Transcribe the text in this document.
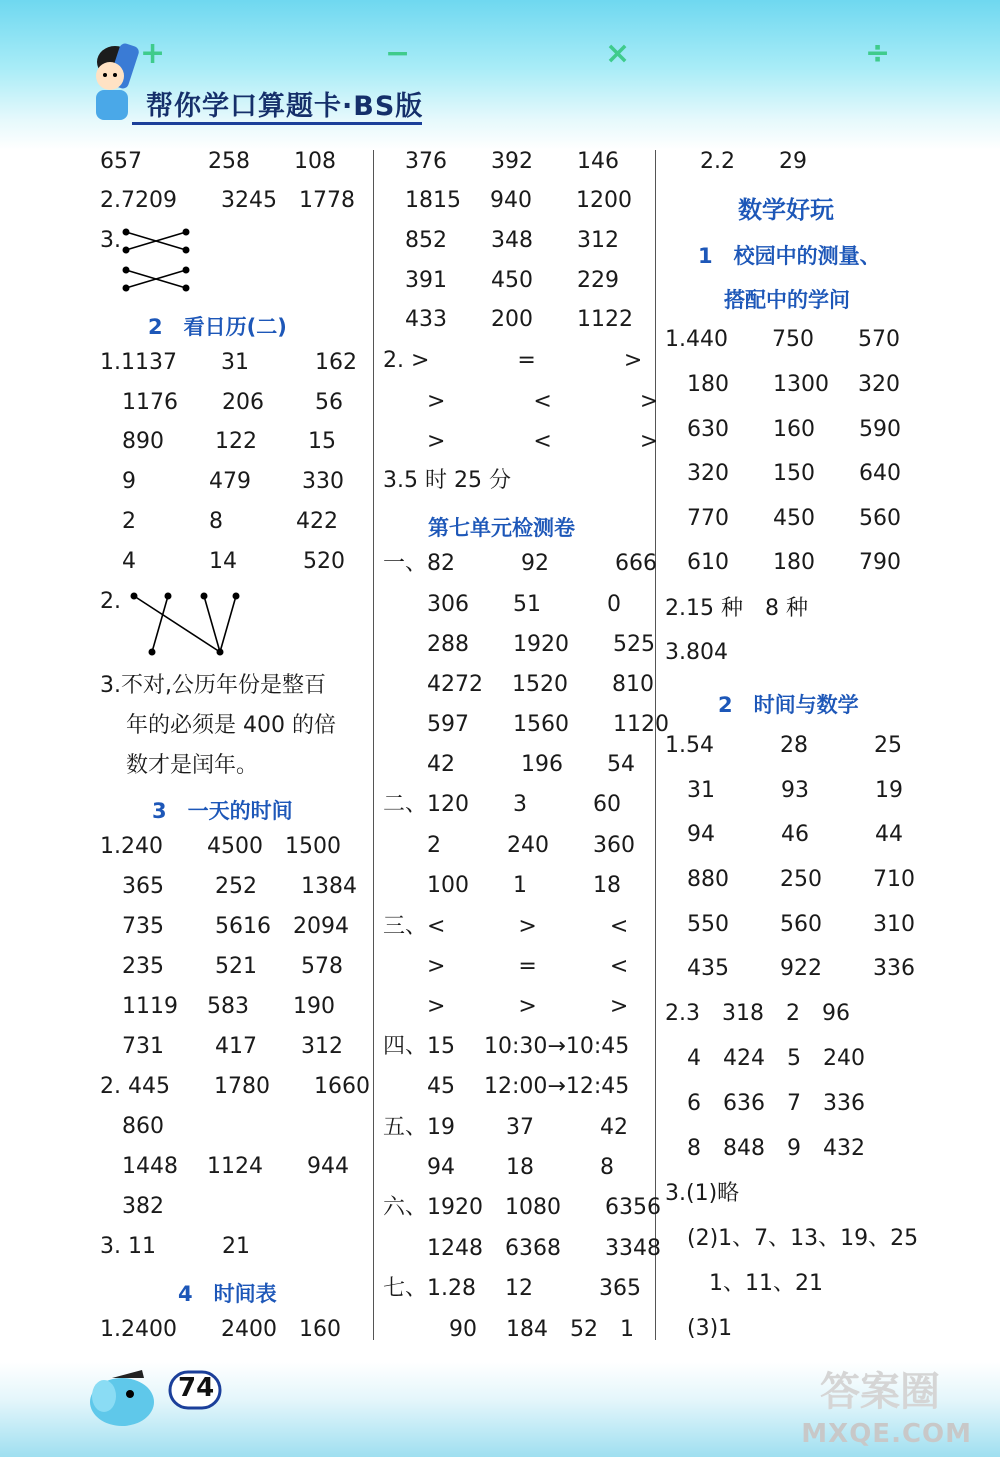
+	−	×	÷
帮你学口算题卡·BS版
657　　　258　　108
2.7209　　3245　1778
3.
2　看日历(二)
1.1137　　31　　　162
　1176　　206　　 56
　890　　 122　　 15
　9　　　 479　　 330
　2　　　 8　　　 422
　4　　　 14　　　520
2.
3.不对,公历年份是整百
年的必须是 400 的倍
数才是闰年。
3　一天的时间
1.240　　4500　1500
　365　　 252　　1384
　735　　 5616　2094
　235　　 521　　578
　1119　 583　　190
　731　　 417　　312
2. 445　　1780　　1660
　860
　1448　 1124　　944
　382
3. 11　　　21
4　时间表
1.2400　　2400　160
376　　392　　146
1815　 940　　1200
852　　348　　312
391　　450　　229
433　　200　　1122
2. >　　　　=　　　　>
　　>　　　　<　　　　>
　　>　　　　<　　　　>
3.5 时 25 分
第七单元检测卷
一、82　　　92　　　666
　　306　　51　　　0
　　288　　1920　　525
　　4272　 1520　　810
　　597　　1560　　1120
　　42　　　196　　54
二、120　　3　　　60
　　2　　　240　　360
　　100　　1　　　18
三、<　　　 >　　　 <
　　>　　　 =　　　 <
　　>　　　 >　　　 >
四、15　 10:30→10:45
　　45　 12:00→12:45
五、19　　 37　　　42
　　94　　 18　　　8
六、1920　1080　　6356
　　1248　6368　　3348
七、1.28　 12　　　365
　　　90　 184　52　1
2.2　　29
数学好玩
1　校园中的测量、
搭配中的学问
1.440　　750　　570
　180　　1300　 320
　630　　160　　590
　320　　150　　640
　770　　450　　560
　610　　180　　790
2.15 种　8 种
3.804
2　时间与数学
1.54　　　28　　　25
　31　　　93　　　19
　94　　　46　　　44
　880　　 250　　 710
　550　　 560　　 310
　435　　 922　　 336
2.3　318　2　96
　4　424　5　240
　6　636　7　336
　8　848　9　432
3.(1)略
　(2)1、7、13、19、25
　　1、11、21
　(3)1
74	答案圈
MXQE.COM
